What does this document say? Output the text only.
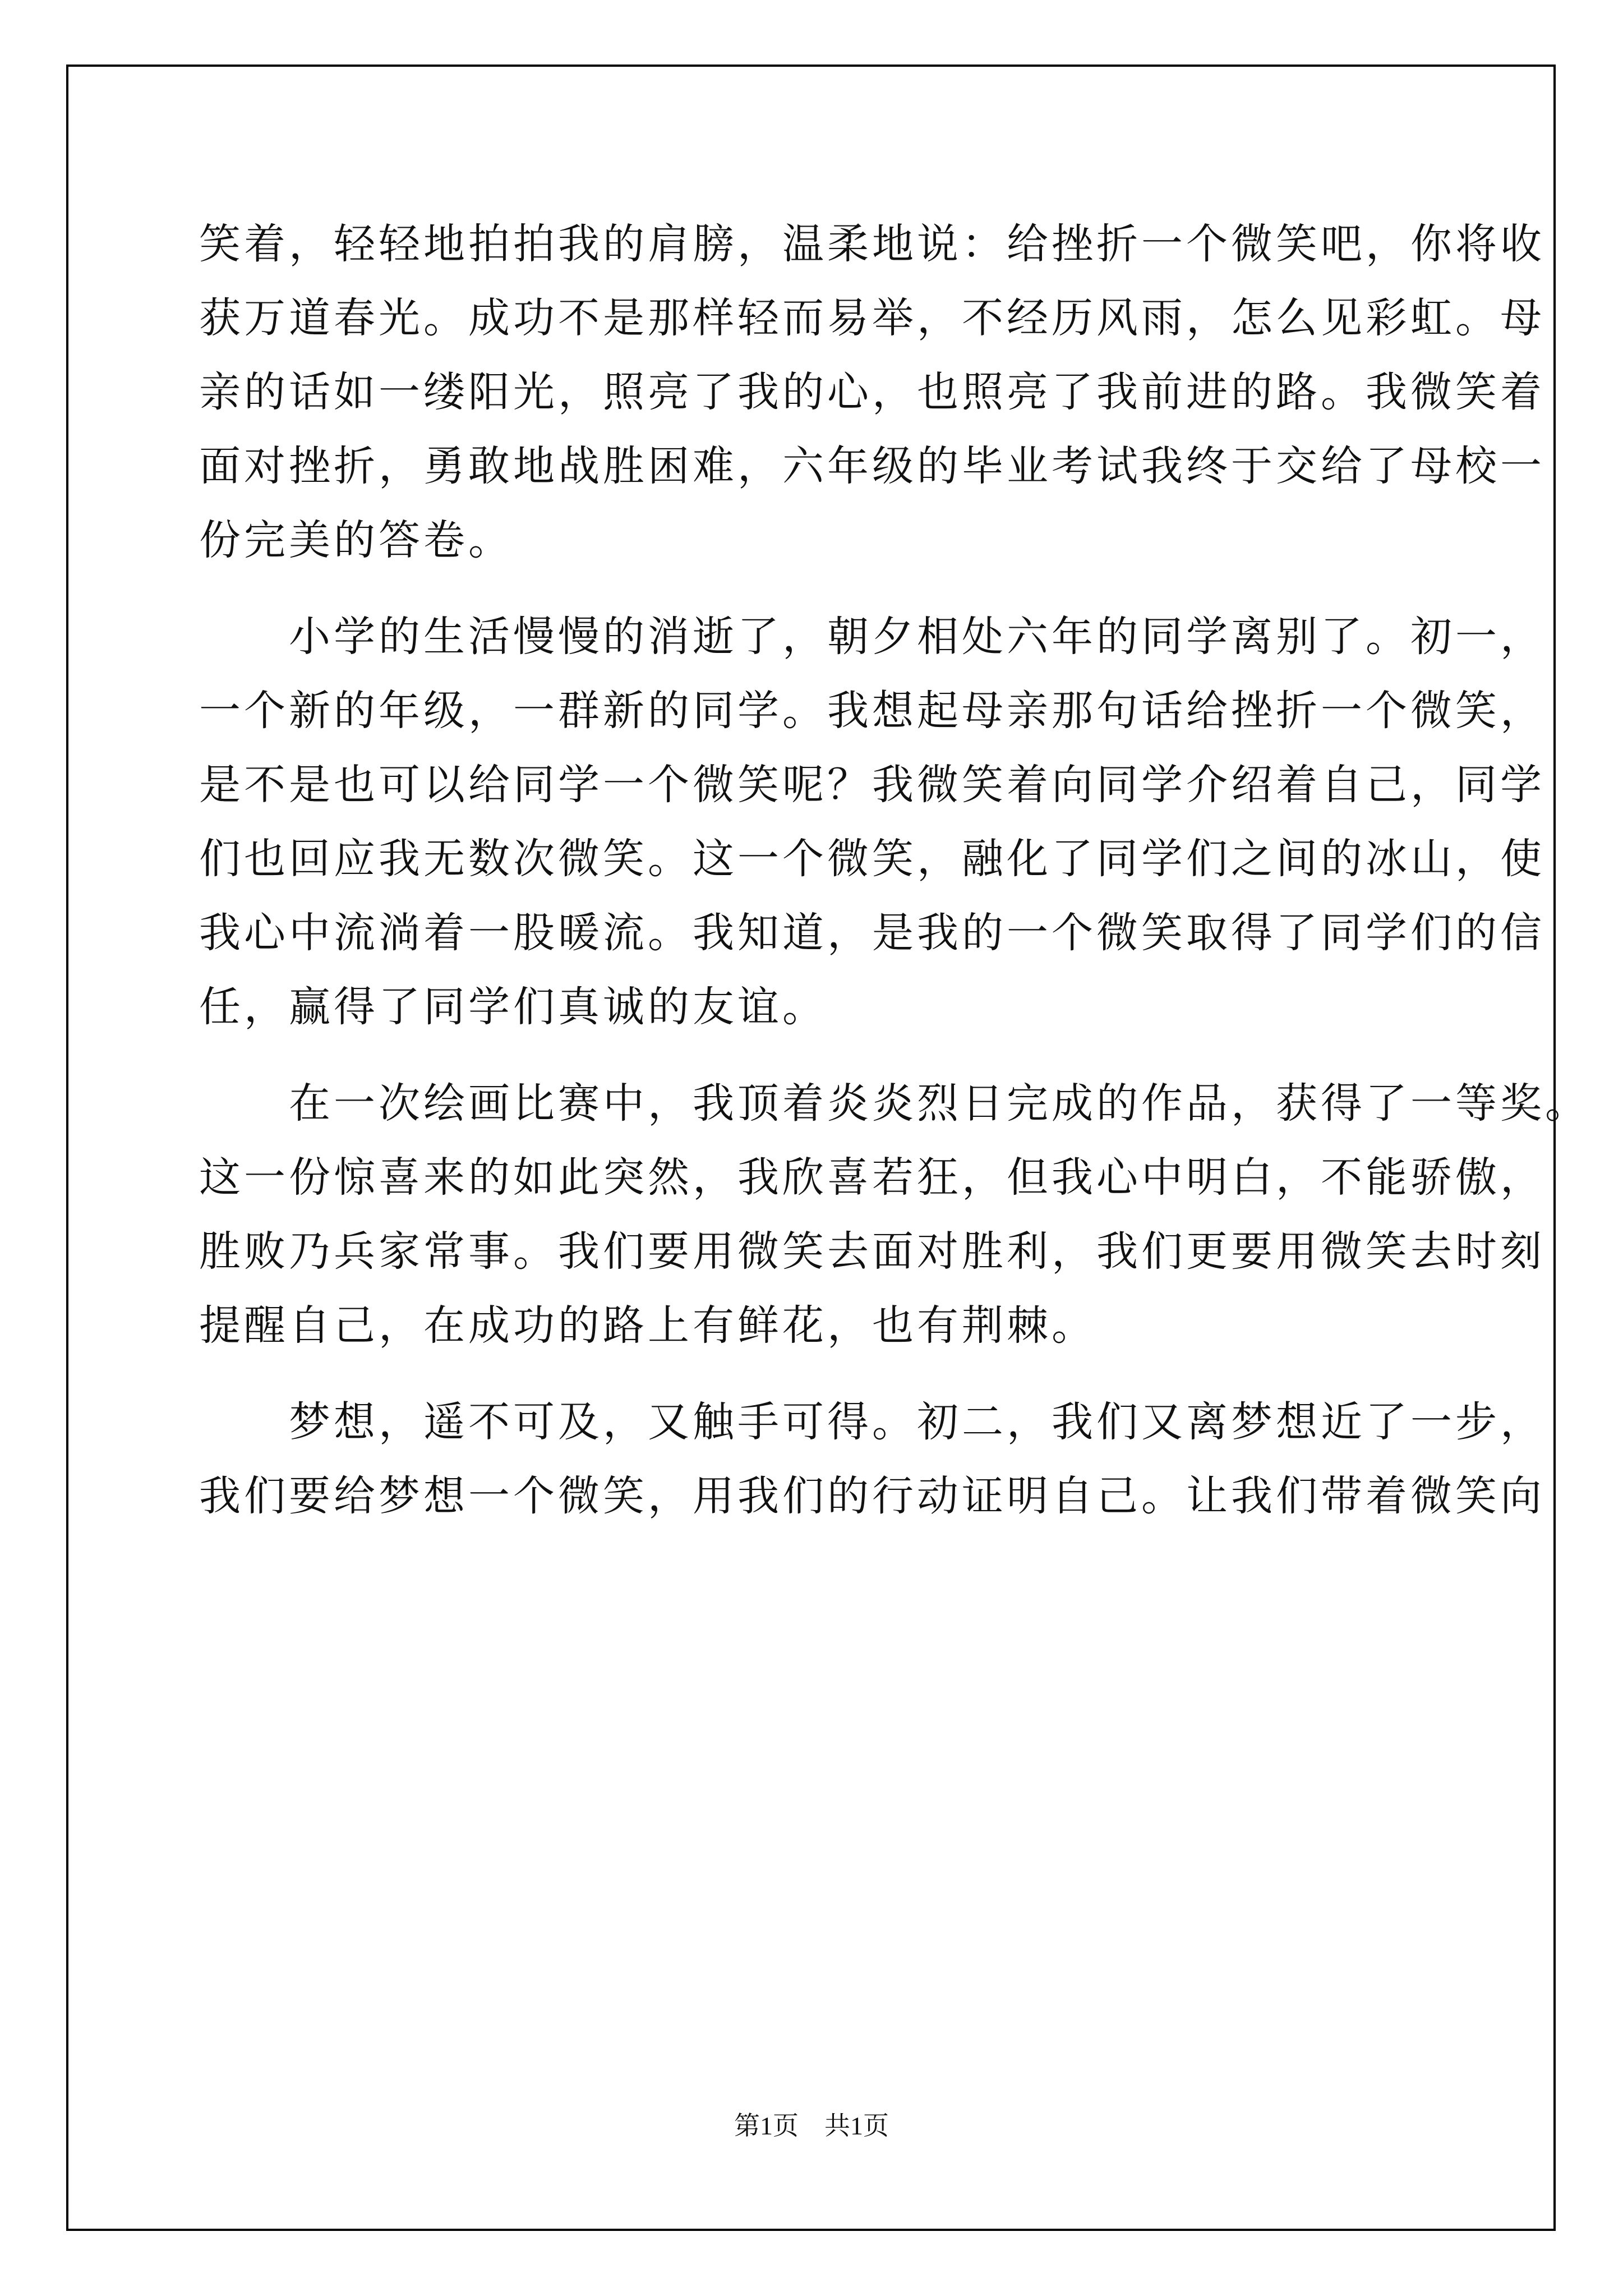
笑着，轻轻地拍拍我的肩膀，温柔地说：给挫折一个微笑吧，你将收
获万道春光。成功不是那样轻而易举，不经历风雨，怎么见彩虹。母
亲的话如一缕阳光，照亮了我的心，也照亮了我前进的路。我微笑着
面对挫折，勇敢地战胜困难，六年级的毕业考试我终于交给了母校一
份完美的答卷。
　　小学的生活慢慢的消逝了，朝夕相处六年的同学离别了。初一，
一个新的年级，一群新的同学。我想起母亲那句话给挫折一个微笑，
是不是也可以给同学一个微笑呢？我微笑着向同学介绍着自己，同学
们也回应我无数次微笑。这一个微笑，融化了同学们之间的冰山，使
我心中流淌着一股暖流。我知道，是我的一个微笑取得了同学们的信
任，赢得了同学们真诚的友谊。
　　在一次绘画比赛中，我顶着炎炎烈日完成的作品，获得了一等奖。
这一份惊喜来的如此突然，我欣喜若狂，但我心中明白，不能骄傲，
胜败乃兵家常事。我们要用微笑去面对胜利，我们更要用微笑去时刻
提醒自己，在成功的路上有鲜花，也有荆棘。
　　梦想，遥不可及，又触手可得。初二，我们又离梦想近了一步，
我们要给梦想一个微笑，用我们的行动证明自己。让我们带着微笑向
第1页　共1页
